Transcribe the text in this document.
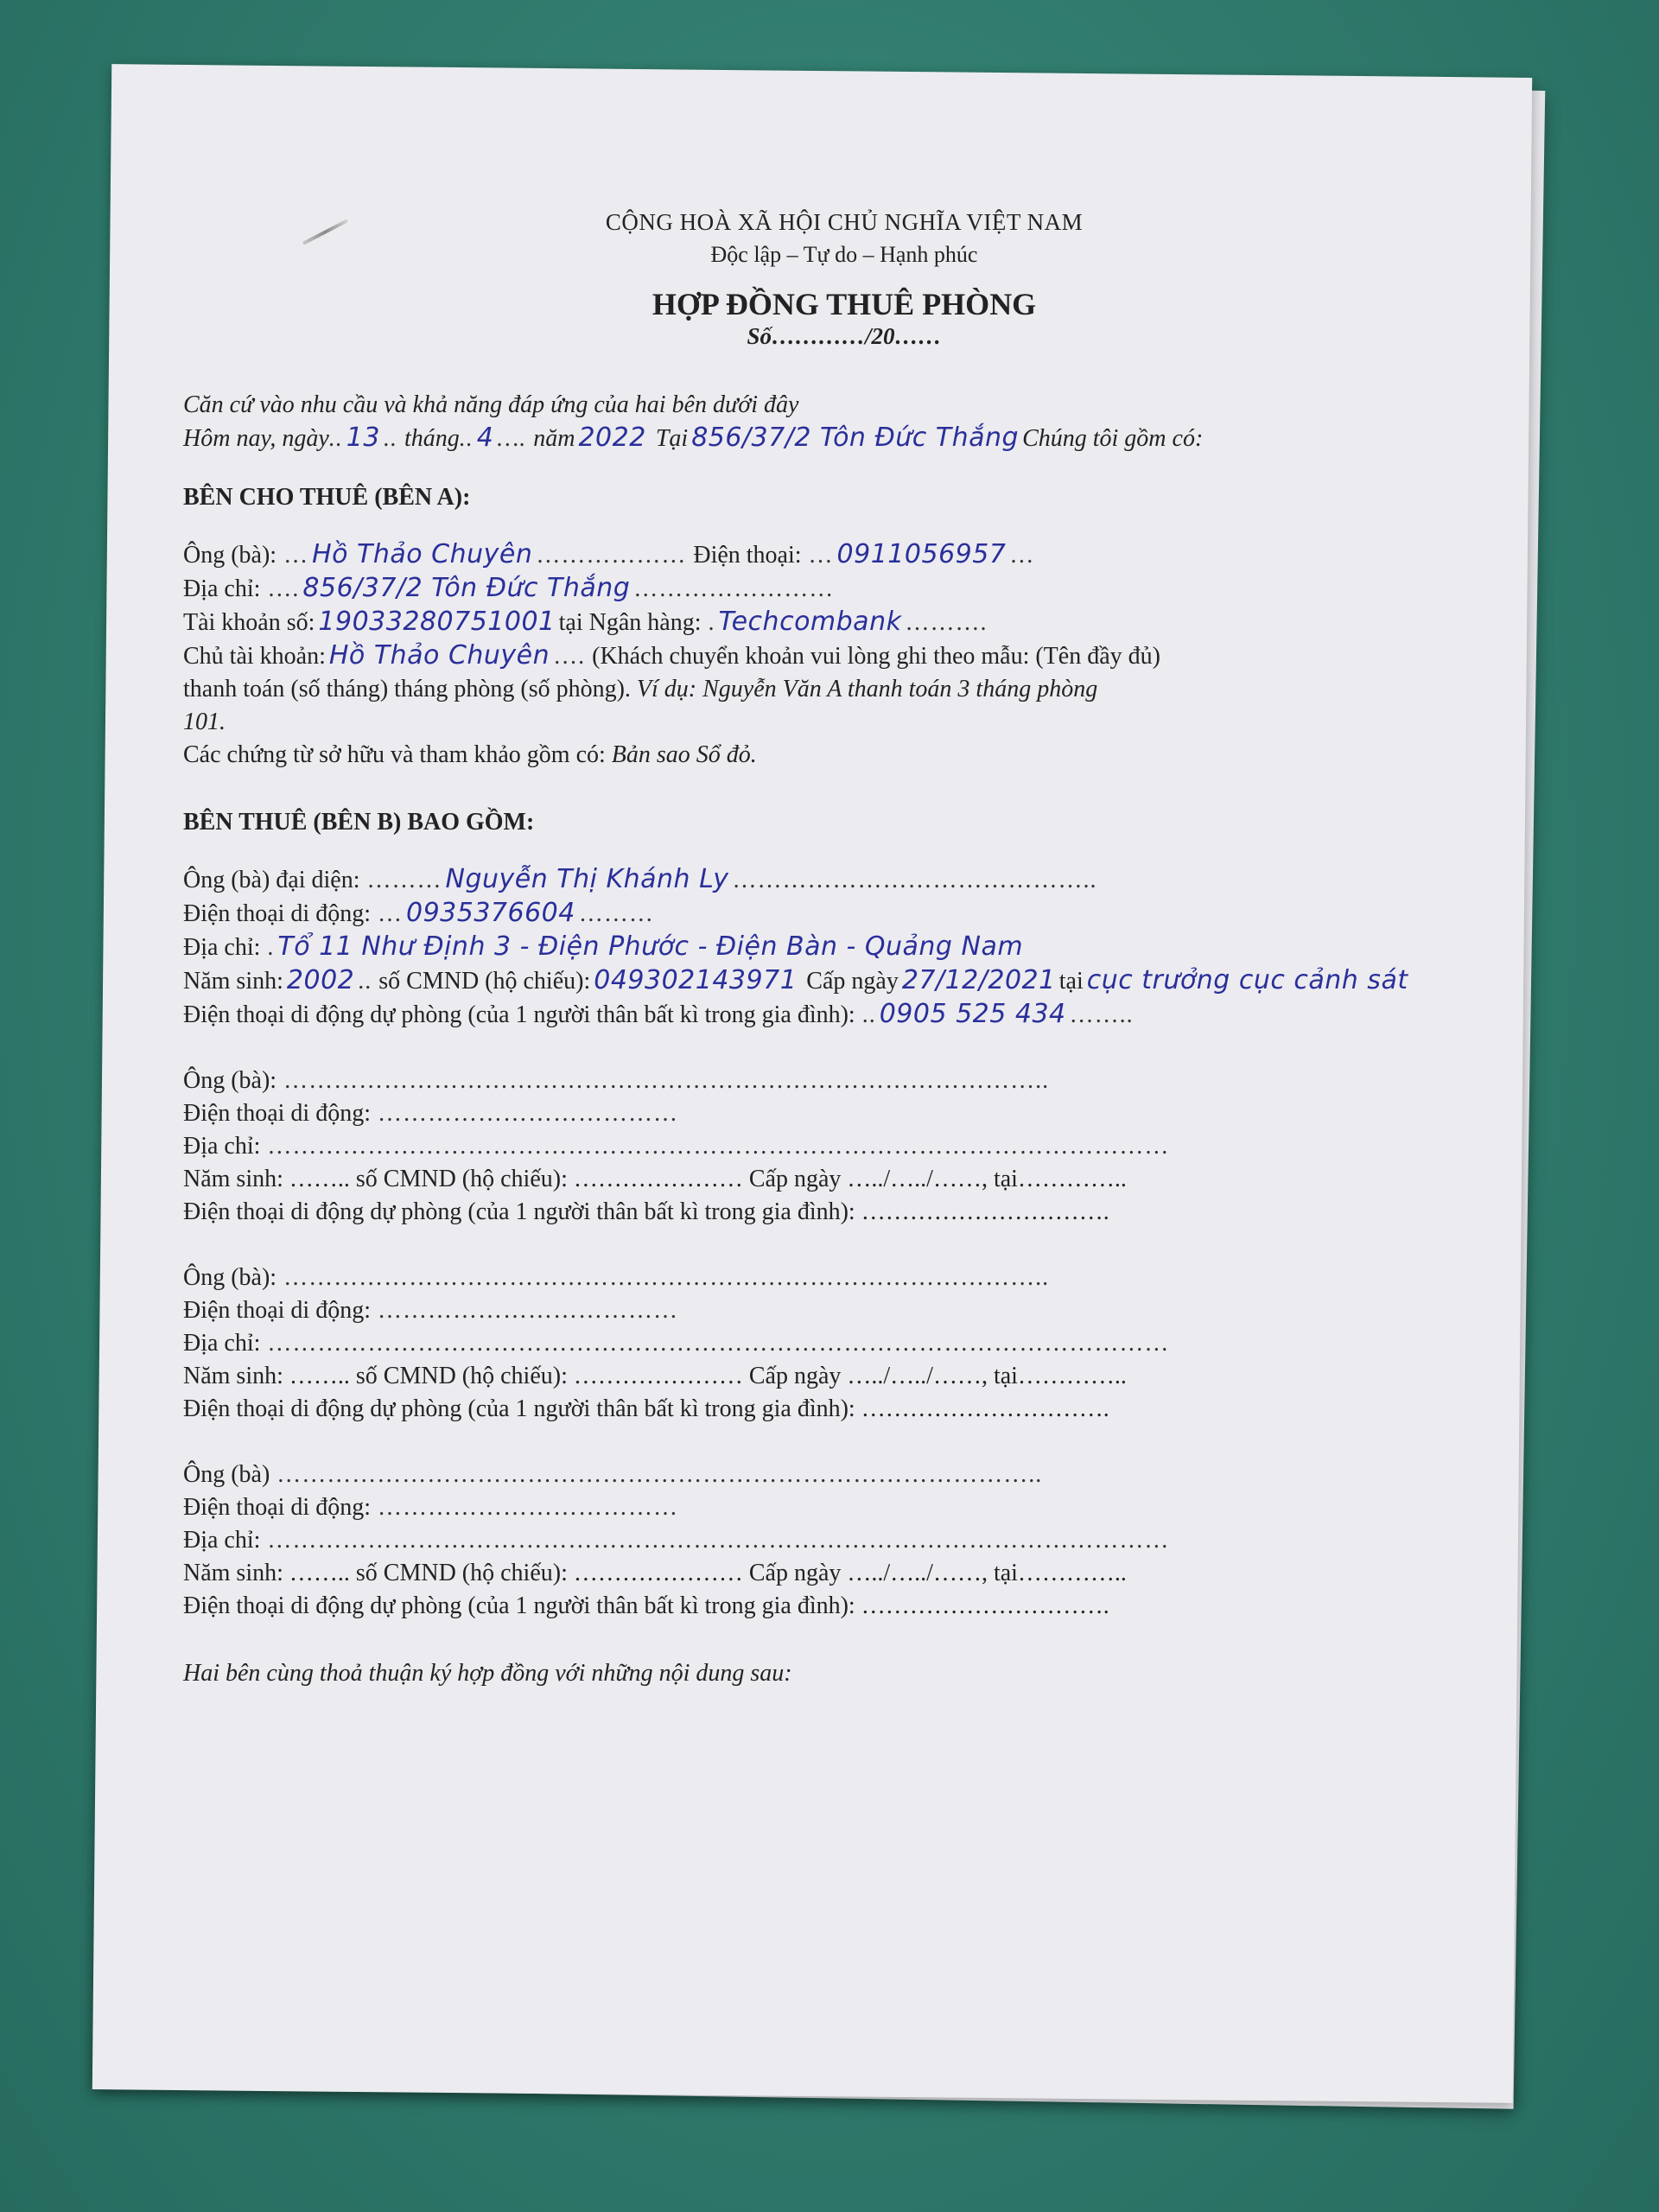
CỘNG HOÀ XÃ HỘI CHỦ NGHĨA VIỆT NAM
Độc lập – Tự do – Hạnh phúc
HỢP ĐỒNG THUÊ PHÒNG
Số…………/20……
Căn cứ vào nhu cầu và khả năng đáp ứng của hai bên dưới đây
Hôm nay, ngày.. 13 .. tháng.. 4 …. năm 2022 Tại 856/37/2 Tôn Đức Thắng Chúng tôi gồm có:
BÊN CHO THUÊ (BÊN A):
Ông (bà): … Hồ Thảo Chuyên ……………… Điện thoại: … 0911056957 …
Địa chỉ: …. 856/37/2 Tôn Đức Thắng ……………………
Tài khoản số: 19033280751001 tại Ngân hàng: . Techcombank ……….
Chủ tài khoản: Hồ Thảo Chuyên …. (Khách chuyển khoản vui lòng ghi theo mẫu: (Tên đầy đủ)
thanh toán (số tháng) tháng phòng (số phòng). Ví dụ: Nguyễn Văn A thanh toán 3 tháng phòng
101.
Các chứng từ sở hữu và tham khảo gồm có: Bản sao Sổ đỏ.
BÊN THUÊ (BÊN B) BAO GỒM:
Ông (bà) đại diện: ……… Nguyễn Thị Khánh Ly ……………………………………..
Điện thoại di động: … 0935376604 ………
Địa chỉ: . Tổ 11 Như Định 3 - Điện Phước - Điện Bàn - Quảng Nam
Năm sinh: 2002 .. số CMND (hộ chiếu): 049302143971 Cấp ngày 27/12/2021 tại cục trưởng cục cảnh sát
Điện thoại di động dự phòng (của 1 người thân bất kì trong gia đình): .. 0905 525 434 ……..
Ông (bà): ………………………………………………………………………………..
Điện thoại di động: ………………………………
Địa chỉ: ………………………………………………………………………………………………
Năm sinh: …….. số CMND (hộ chiếu): ………………… Cấp ngày …../…../……, tại…………..
Điện thoại di động dự phòng (của 1 người thân bất kì trong gia đình): ………………………….
Ông (bà): ………………………………………………………………………………..
Điện thoại di động: ………………………………
Địa chỉ: ………………………………………………………………………………………………
Năm sinh: …….. số CMND (hộ chiếu): ………………… Cấp ngày …../…../……, tại…………..
Điện thoại di động dự phòng (của 1 người thân bất kì trong gia đình): ………………………….
Ông (bà) ………………………………………………………………………………..
Điện thoại di động: ………………………………
Địa chỉ: ………………………………………………………………………………………………
Năm sinh: …….. số CMND (hộ chiếu): ………………… Cấp ngày …../…../……, tại…………..
Điện thoại di động dự phòng (của 1 người thân bất kì trong gia đình): ………………………….
Hai bên cùng thoả thuận ký hợp đồng với những nội dung sau:
